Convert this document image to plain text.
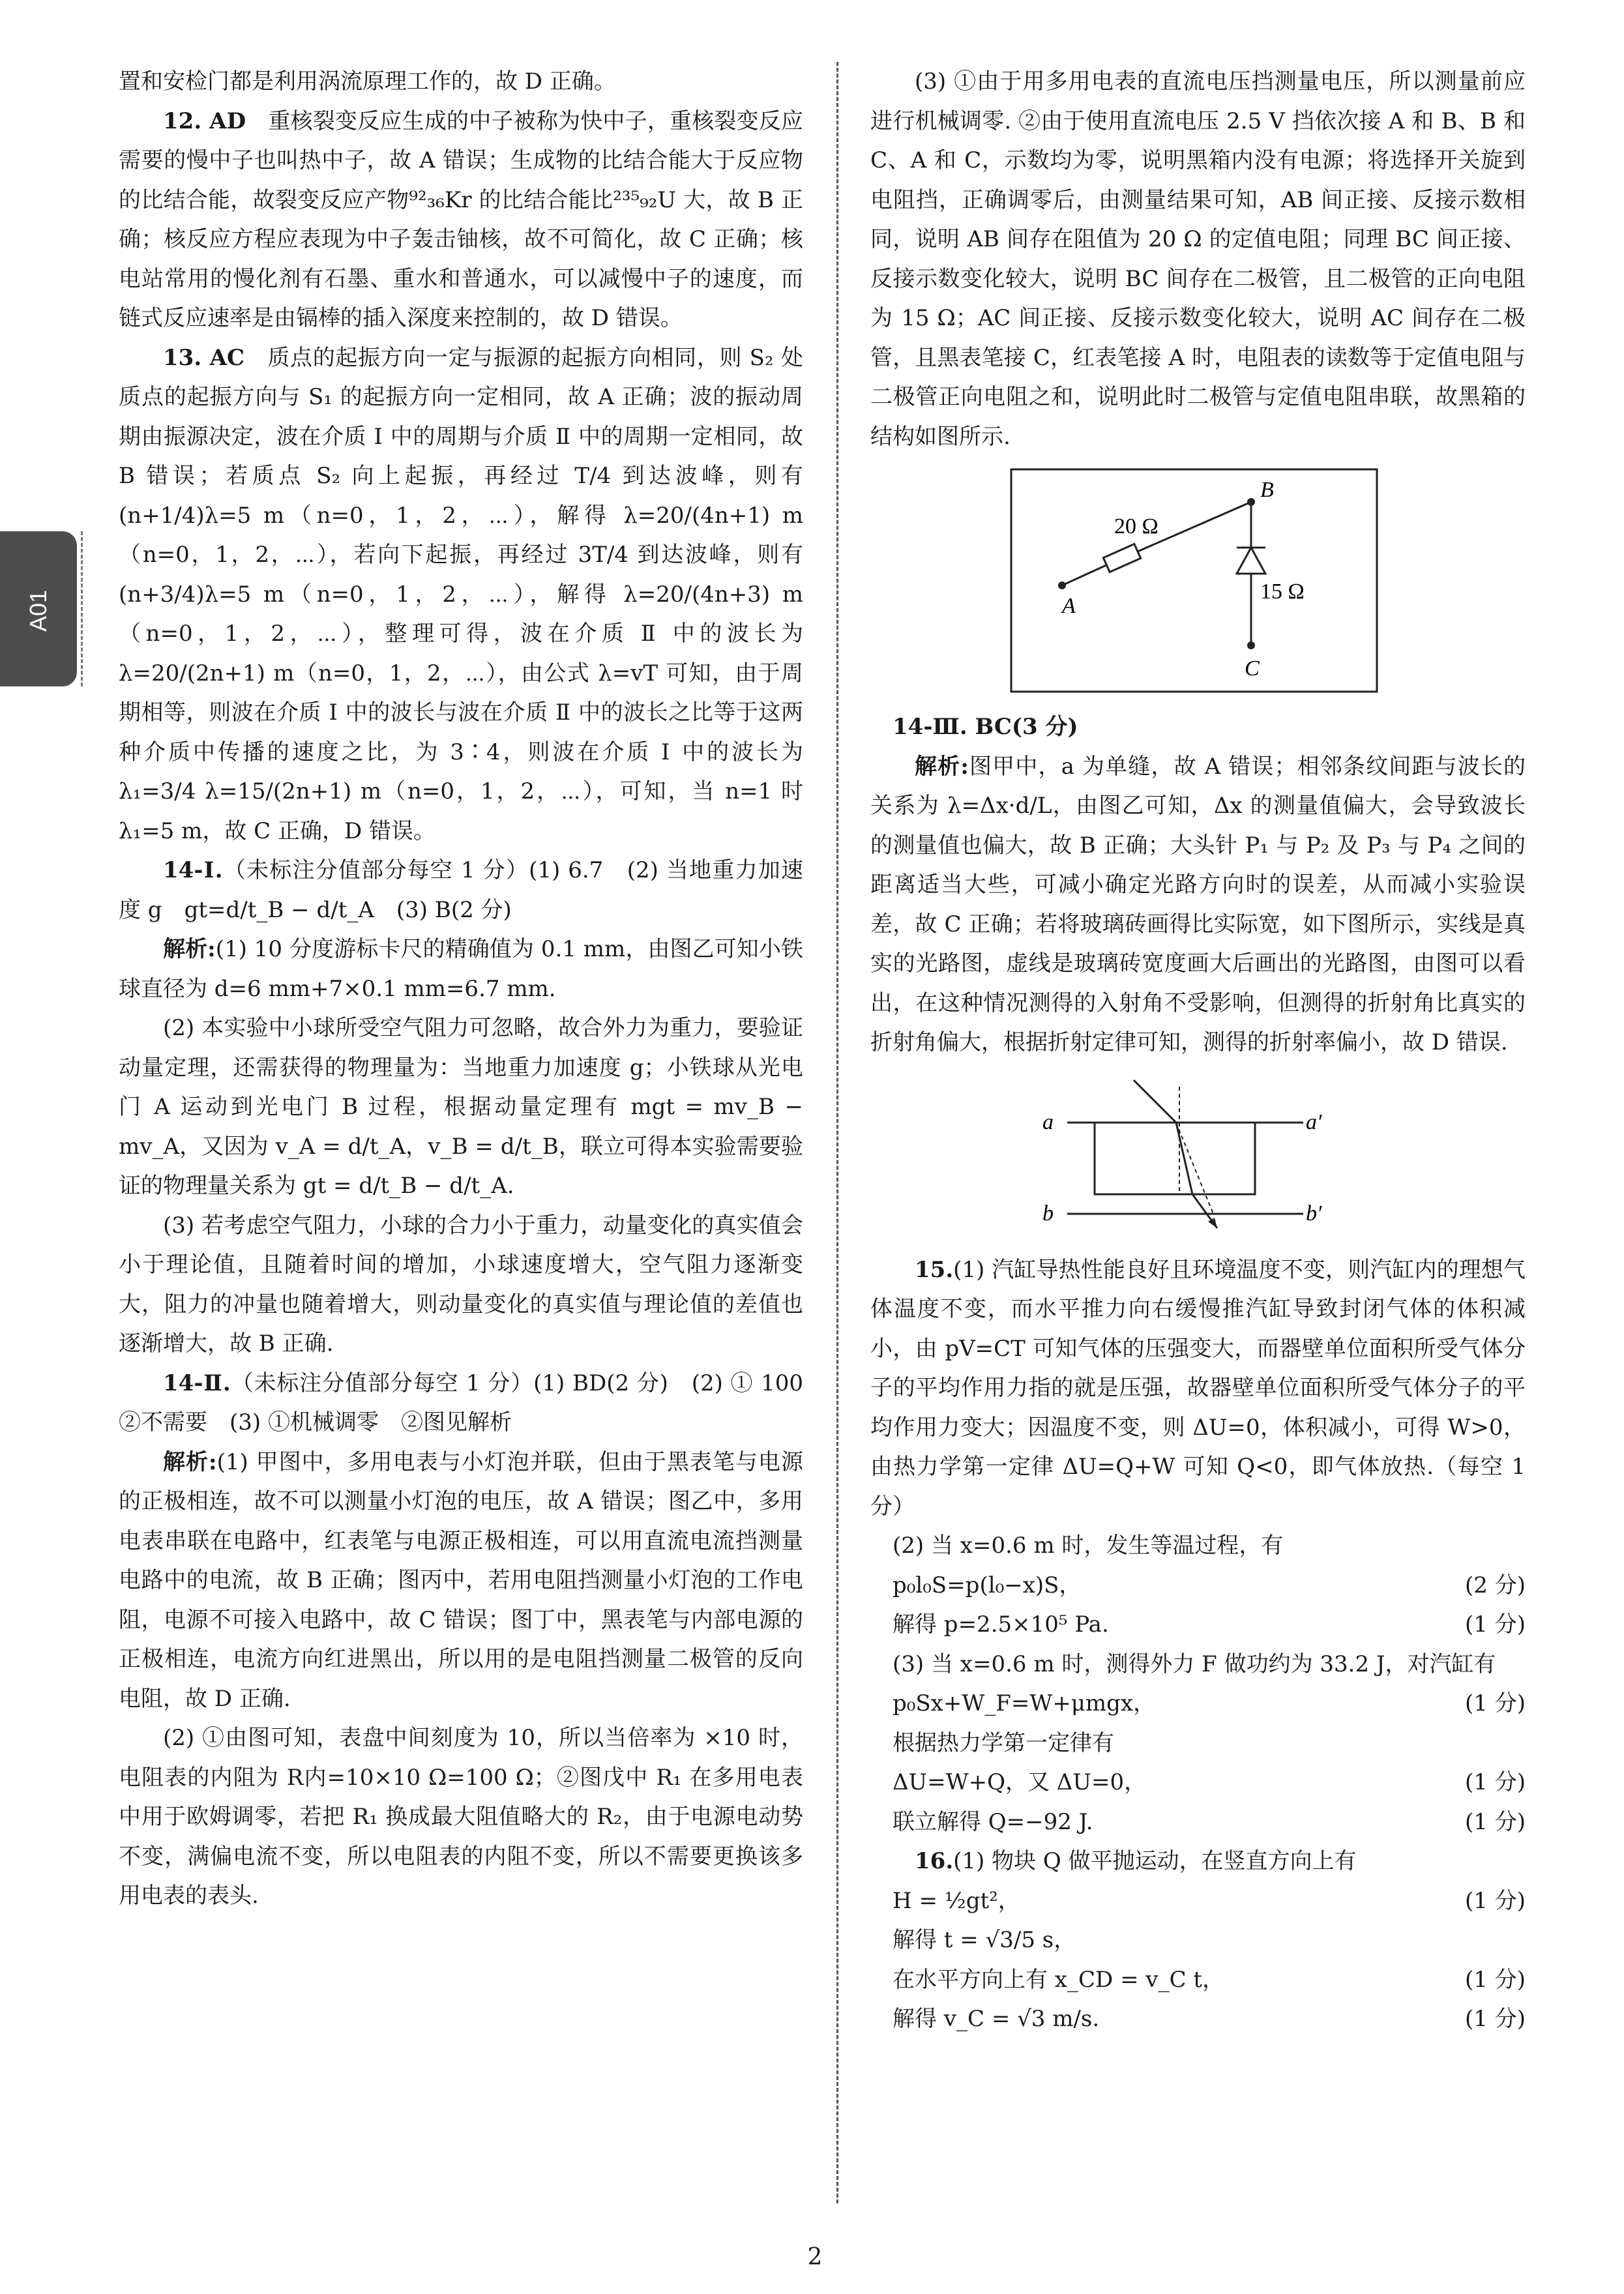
A01

置和安检门都是利用涡流原理工作的，故 D 正确。

12. AD　 重核裂变反应生成的中子被称为快中子，重核裂变反应需要的慢中子也叫热中子，故 A 错误；生成物的比结合能大于反应物的比结合能，故裂变反应产物⁹²₃₆Kr 的比结合能比²³⁵₉₂U 大，故 B 正确；核反应方程应表现为中子轰击铀核，故不可简化，故 C 正确；核电站常用的慢化剂有石墨、重水和普通水，可以减慢中子的速度，而链式反应速率是由镉棒的插入深度来控制的，故 D 错误。

13. AC　 质点的起振方向一定与振源的起振方向相同，则 S₂ 处质点的起振方向与 S₁ 的起振方向一定相同，故 A 正确；波的振动周期由振源决定，波在介质 Ⅰ 中的周期与介质 Ⅱ 中的周期一定相同，故 B 错误；若质点 S₂ 向上起振，再经过 T/4 到达波峰，则有 (n+1/4)λ=5 m（n=0，1，2，⋯），解得 λ=20/(4n+1) m（n=0，1，2，⋯），若向下起振，再经过 3T/4 到达波峰，则有 (n+3/4)λ=5 m（n=0，1，2，⋯），解得 λ=20/(4n+3) m（n=0，1，2，⋯），整理可得，波在介质 Ⅱ 中的波长为 λ=20/(2n+1) m（n=0，1，2，⋯），由公式 λ=vT 可知，由于周期相等，则波在介质 Ⅰ 中的波长与波在介质 Ⅱ 中的波长之比等于这两种介质中传播的速度之比，为 3∶4，则波在介质 Ⅰ 中的波长为 λ₁=3/4 λ=15/(2n+1) m（n=0，1，2，⋯），可知，当 n=1 时 λ₁=5 m，故 C 正确，D 错误。

14-Ⅰ.（未标注分值部分每空 1 分）(1) 6.7　(2) 当地重力加速度 g　gt=d/t_B − d/t_A　(3) B(2 分)

解析:(1) 10 分度游标卡尺的精确值为 0.1 mm，由图乙可知小铁球直径为 d=6 mm+7×0.1 mm=6.7 mm.

(2) 本实验中小球所受空气阻力可忽略，故合外力为重力，要验证动量定理，还需获得的物理量为：当地重力加速度 g；小铁球从光电门 A 运动到光电门 B 过程，根据动量定理有 mgt = mv_B − mv_A，又因为 v_A = d/t_A，v_B = d/t_B，联立可得本实验需要验证的物理量关系为 gt = d/t_B − d/t_A.

(3) 若考虑空气阻力，小球的合力小于重力，动量变化的真实值会小于理论值，且随着时间的增加，小球速度增大，空气阻力逐渐变大，阻力的冲量也随着增大，则动量变化的真实值与理论值的差值也逐渐增大，故 B 正确.

14-Ⅱ.（未标注分值部分每空 1 分）(1) BD(2 分)　(2) ① 100　②不需要　(3) ①机械调零　②图见解析

解析:(1) 甲图中，多用电表与小灯泡并联，但由于黑表笔与电源的正极相连，故不可以测量小灯泡的电压，故 A 错误；图乙中，多用电表串联在电路中，红表笔与电源正极相连，可以用直流电流挡测量电路中的电流，故 B 正确；图丙中，若用电阻挡测量小灯泡的工作电阻，电源不可接入电路中，故 C 错误；图丁中，黑表笔与内部电源的正极相连，电流方向红进黑出，所以用的是电阻挡测量二极管的反向电阻，故 D 正确.

(2) ①由图可知，表盘中间刻度为 10，所以当倍率为 ×10 时，电阻表的内阻为 R内=10×10 Ω=100 Ω；②图戊中 R₁ 在多用电表中用于欧姆调零，若把 R₁ 换成最大阻值略大的 R₂，由于电源电动势不变，满偏电流不变，所以电阻表的内阻不变，所以不需要更换该多用电表的表头.

(3) ①由于用多用电表的直流电压挡测量电压，所以测量前应进行机械调零. ②由于使用直流电压 2.5 V 挡依次接 A 和 B、B 和 C、A 和 C，示数均为零，说明黑箱内没有电源；将选择开关旋到电阻挡，正确调零后，由测量结果可知，AB 间正接、反接示数相同，说明 AB 间存在阻值为 20 Ω 的定值电阻；同理 BC 间正接、反接示数变化较大，说明 BC 间存在二极管，且二极管的正向电阻为 15 Ω；AC 间正接、反接示数变化较大，说明 AC 间存在二极管，且黑表笔接 C，红表笔接 A 时，电阻表的读数等于定值电阻与二极管正向电阻之和，说明此时二极管与定值电阻串联，故黑箱的结构如图所示.

20 Ω
15 Ω
A
B
C

14-Ⅲ. BC(3 分)

解析:图甲中，a 为单缝，故 A 错误；相邻条纹间距与波长的关系为 λ=Δx·d/L，由图乙可知，Δx 的测量值偏大，会导致波长的测量值也偏大，故 B 正确；大头针 P₁ 与 P₂ 及 P₃ 与 P₄ 之间的距离适当大些，可减小确定光路方向时的误差，从而减小实验误差，故 C 正确；若将玻璃砖画得比实际宽，如下图所示，实线是真实的光路图，虚线是玻璃砖宽度画大后画出的光路图，由图可以看出，在这种情况测得的入射角不受影响，但测得的折射角比真实的折射角偏大，根据折射定律可知，测得的折射率偏小，故 D 错误.

a	a′
b	b′

15.(1) 汽缸导热性能良好且环境温度不变，则汽缸内的理想气体温度不变，而水平推力向右缓慢推汽缸导致封闭气体的体积减小，由 pV=CT 可知气体的压强变大，而器壁单位面积所受气体分子的平均作用力指的就是压强，故器壁单位面积所受气体分子的平均作用力变大；因温度不变，则 ΔU=0，体积减小，可得 W>0，由热力学第一定律 ΔU=Q+W 可知 Q<0，即气体放热.（每空 1 分）

(2) 当 x=0.6 m 时，发生等温过程，有

p₀l₀S=p(l₀−x)S，	(2 分)

解得 p=2.5×10⁵ Pa.	(1 分)

(3) 当 x=0.6 m 时，测得外力 F 做功约为 33.2 J，对汽缸有

p₀Sx+W_F=W+μmgx，	(1 分)

根据热力学第一定律有

ΔU=W+Q，又 ΔU=0，	(1 分)

联立解得 Q=−92 J.	(1 分)

16.(1) 物块 Q 做平抛运动，在竖直方向上有

H = ½gt²，	(1 分)

解得 t = √3/5 s，

在水平方向上有 x_CD = v_C t，	(1 分)

解得 v_C = √3 m/s.	(1 分)

2
